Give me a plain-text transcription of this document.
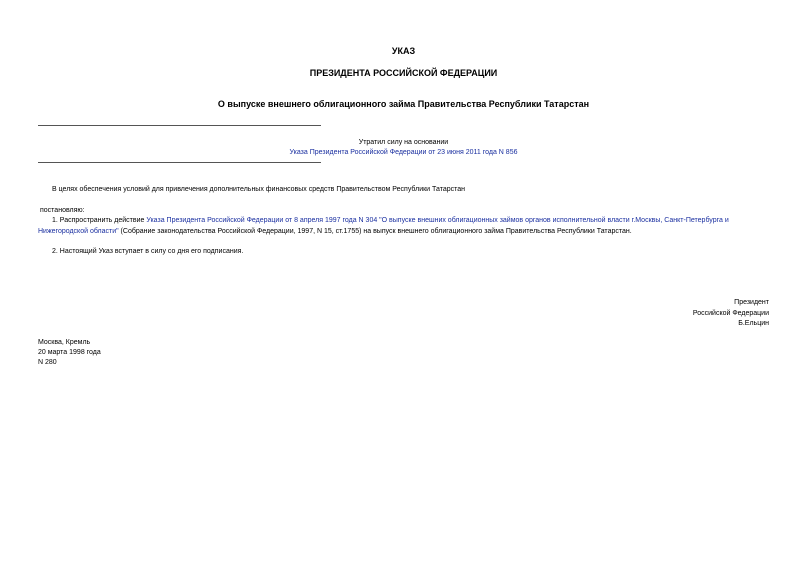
УКАЗ
ПРЕЗИДЕНТА РОССИЙСКОЙ ФЕДЕРАЦИИ
О выпуске внешнего облигационного займа Правительства Республики Татарстан
Утратил силу на основании
Указа Президента Российской Федерации от 23 июня 2011 года N 856
В целях обеспечения условий для привлечения дополнительных финансовых средств Правительством Республики Татарстан
постановляю:
1. Распространить действие Указа Президента Российской Федерации от 8 апреля 1997 года N 304 "О выпуске внешних облигационных займов органов исполнительной власти г.Москвы, Санкт-Петербурга и Нижегородской области" (Собрание законодательства Российской Федерации, 1997, N 15, ст.1755) на выпуск внешнего облигационного займа Правительства Республики Татарстан.
2. Настоящий Указ вступает в силу со дня его подписания.
Президент
Российской Федерации
Б.Ельцин
Москва, Кремль
20 марта 1998 года
N 280
